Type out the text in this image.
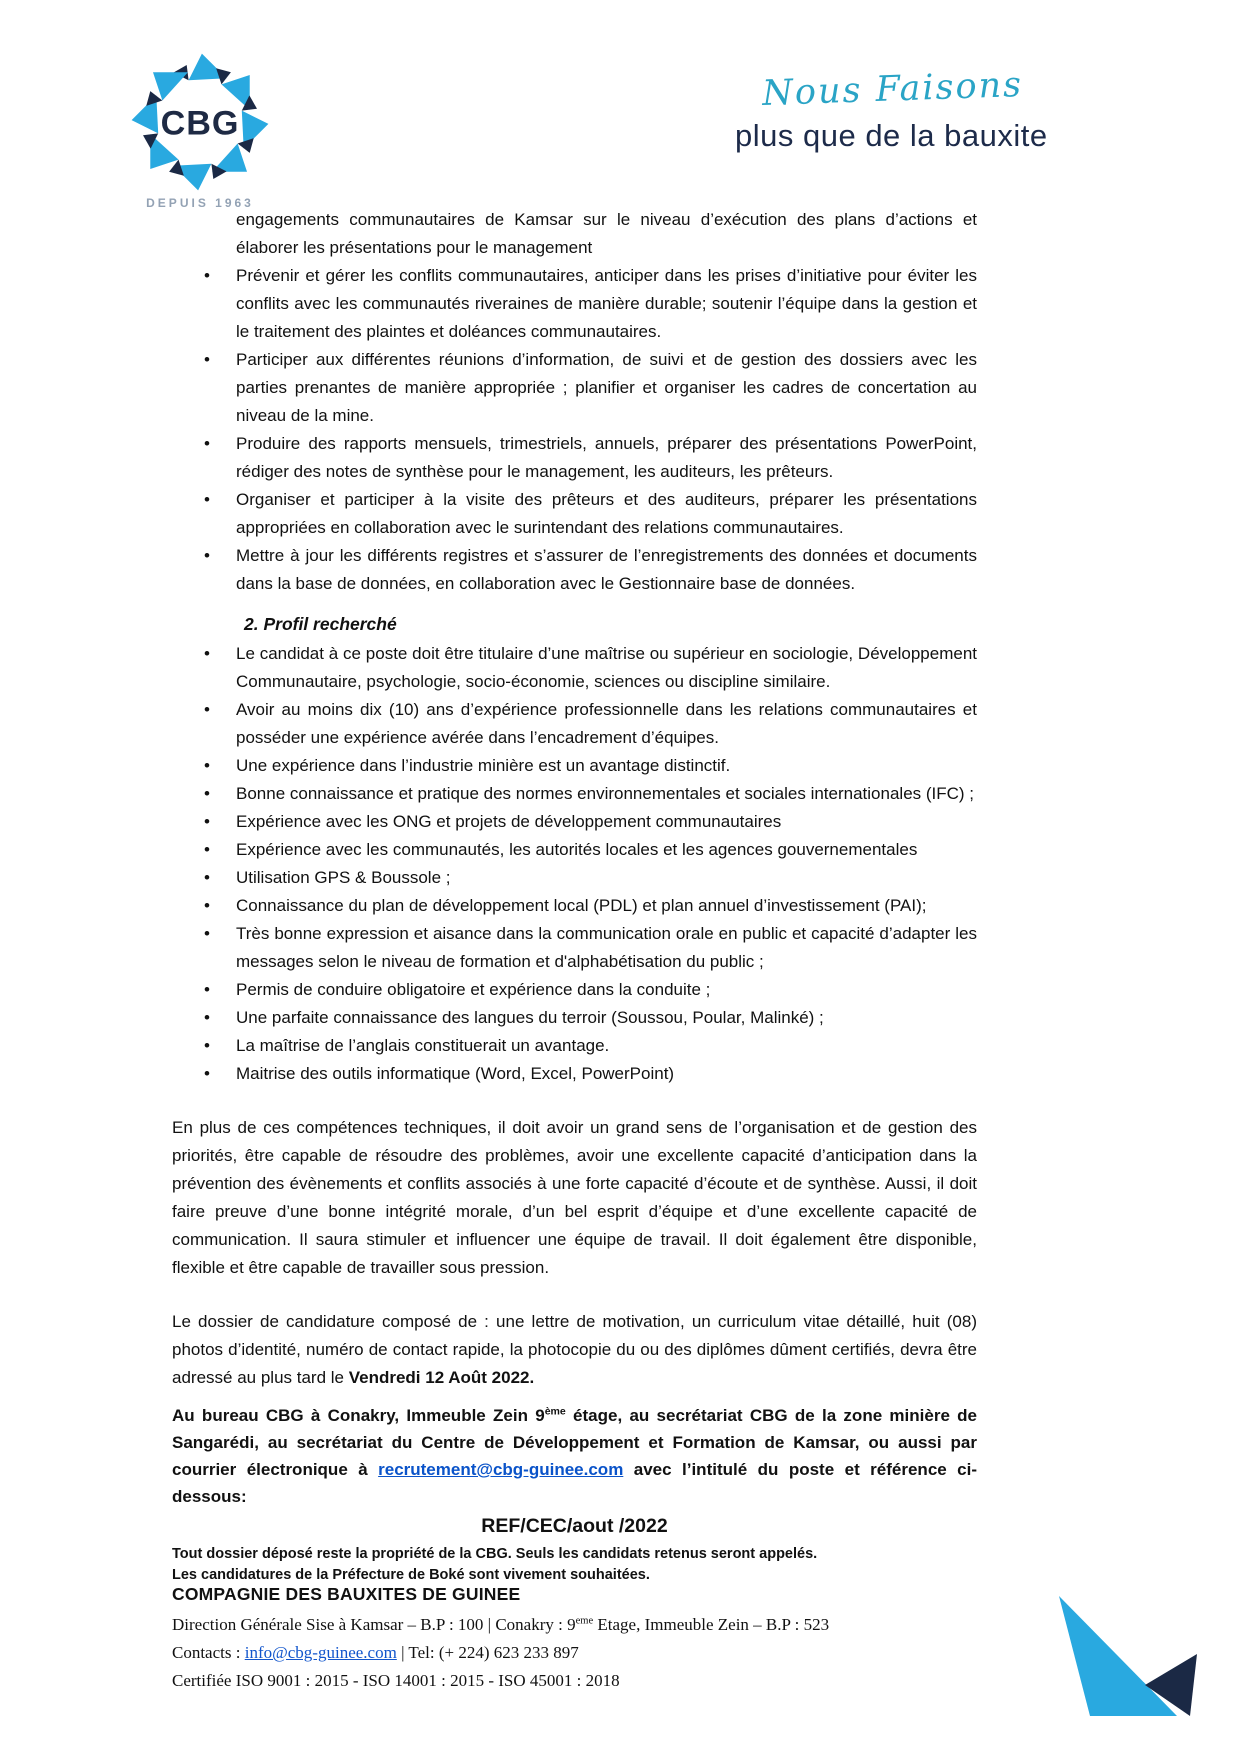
CBG
DEPUIS 1963
Nous Faisons
plus que de la bauxite
engagements communautaires de Kamsar sur le niveau d’exécution des plans d’actions et élaborer les présentations pour le management
• Prévenir et gérer les conflits communautaires, anticiper dans les prises d’initiative pour éviter les conflits avec les communautés riveraines de manière durable; soutenir l’équipe dans la gestion et le traitement des plaintes et doléances communautaires.
• Participer aux différentes réunions d’information, de suivi et de gestion des dossiers avec les parties prenantes de manière appropriée ; planifier et organiser les cadres de concertation au niveau de la mine.
• Produire des rapports mensuels, trimestriels, annuels, préparer des présentations PowerPoint, rédiger des notes de synthèse pour le management, les auditeurs, les prêteurs.
• Organiser et participer à la visite des prêteurs et des auditeurs, préparer les présentations appropriées en collaboration avec le surintendant des relations communautaires.
• Mettre à jour les différents registres et s’assurer de l’enregistrements des données et documents dans la base de données, en collaboration avec le Gestionnaire base de données.
2. Profil recherché
• Le candidat à ce poste doit être titulaire d’une maîtrise ou supérieur en sociologie, Développement Communautaire, psychologie, socio-économie, sciences ou discipline similaire.
• Avoir au moins dix (10) ans d’expérience professionnelle dans les relations communautaires et posséder une expérience avérée dans l’encadrement d’équipes.
• Une expérience dans l’industrie minière est un avantage distinctif.
• Bonne connaissance et pratique des normes environnementales et sociales internationales (IFC) ;
• Expérience avec les ONG et projets de développement communautaires
• Expérience avec les communautés, les autorités locales et les agences gouvernementales
• Utilisation GPS & Boussole ;
• Connaissance du plan de développement local (PDL) et plan annuel d’investissement (PAI);
• Très bonne expression et aisance dans la communication orale en public et capacité d’adapter les messages selon le niveau de formation et d'alphabétisation du public ;
• Permis de conduire obligatoire et expérience dans la conduite ;
• Une parfaite connaissance des langues du terroir (Soussou, Poular, Malinké) ;
• La maîtrise de l’anglais constituerait un avantage.
• Maitrise des outils informatique (Word, Excel, PowerPoint)
En plus de ces compétences techniques, il doit avoir un grand sens de l’organisation et de gestion des priorités, être capable de résoudre des problèmes, avoir une excellente capacité d’anticipation dans la prévention des évènements et conflits associés à une forte capacité d’écoute et de synthèse. Aussi, il doit faire preuve d’une bonne intégrité morale, d’un bel esprit d’équipe et d’une excellente capacité de communication. Il saura stimuler et influencer une équipe de travail. Il doit également être disponible, flexible et être capable de travailler sous pression.
Le dossier de candidature composé de : une lettre de motivation, un curriculum vitae détaillé, huit (08) photos d’identité, numéro de contact rapide, la photocopie du ou des diplômes dûment certifiés, devra être adressé au plus tard le Vendredi 12 Août 2022.
Au bureau CBG à Conakry, Immeuble Zein 9ème étage, au secrétariat CBG de la zone minière de Sangarédi, au secrétariat du Centre de Développement et Formation de Kamsar, ou aussi par courrier électronique à recrutement@cbg-guinee.com avec l’intitulé du poste et référence ci-dessous:
REF/CEC/aout /2022
Tout dossier déposé reste la propriété de la CBG. Seuls les candidats retenus seront appelés.
Les candidatures de la Préfecture de Boké sont vivement souhaitées.
COMPAGNIE DES BAUXITES DE GUINEE
Direction Générale Sise à Kamsar – B.P : 100 | Conakry : 9eme Etage, Immeuble Zein – B.P : 523
Contacts : info@cbg-guinee.com | Tel: (+ 224) 623 233 897
Certifiée ISO 9001 : 2015 - ISO 14001 : 2015 - ISO 45001 : 2018
